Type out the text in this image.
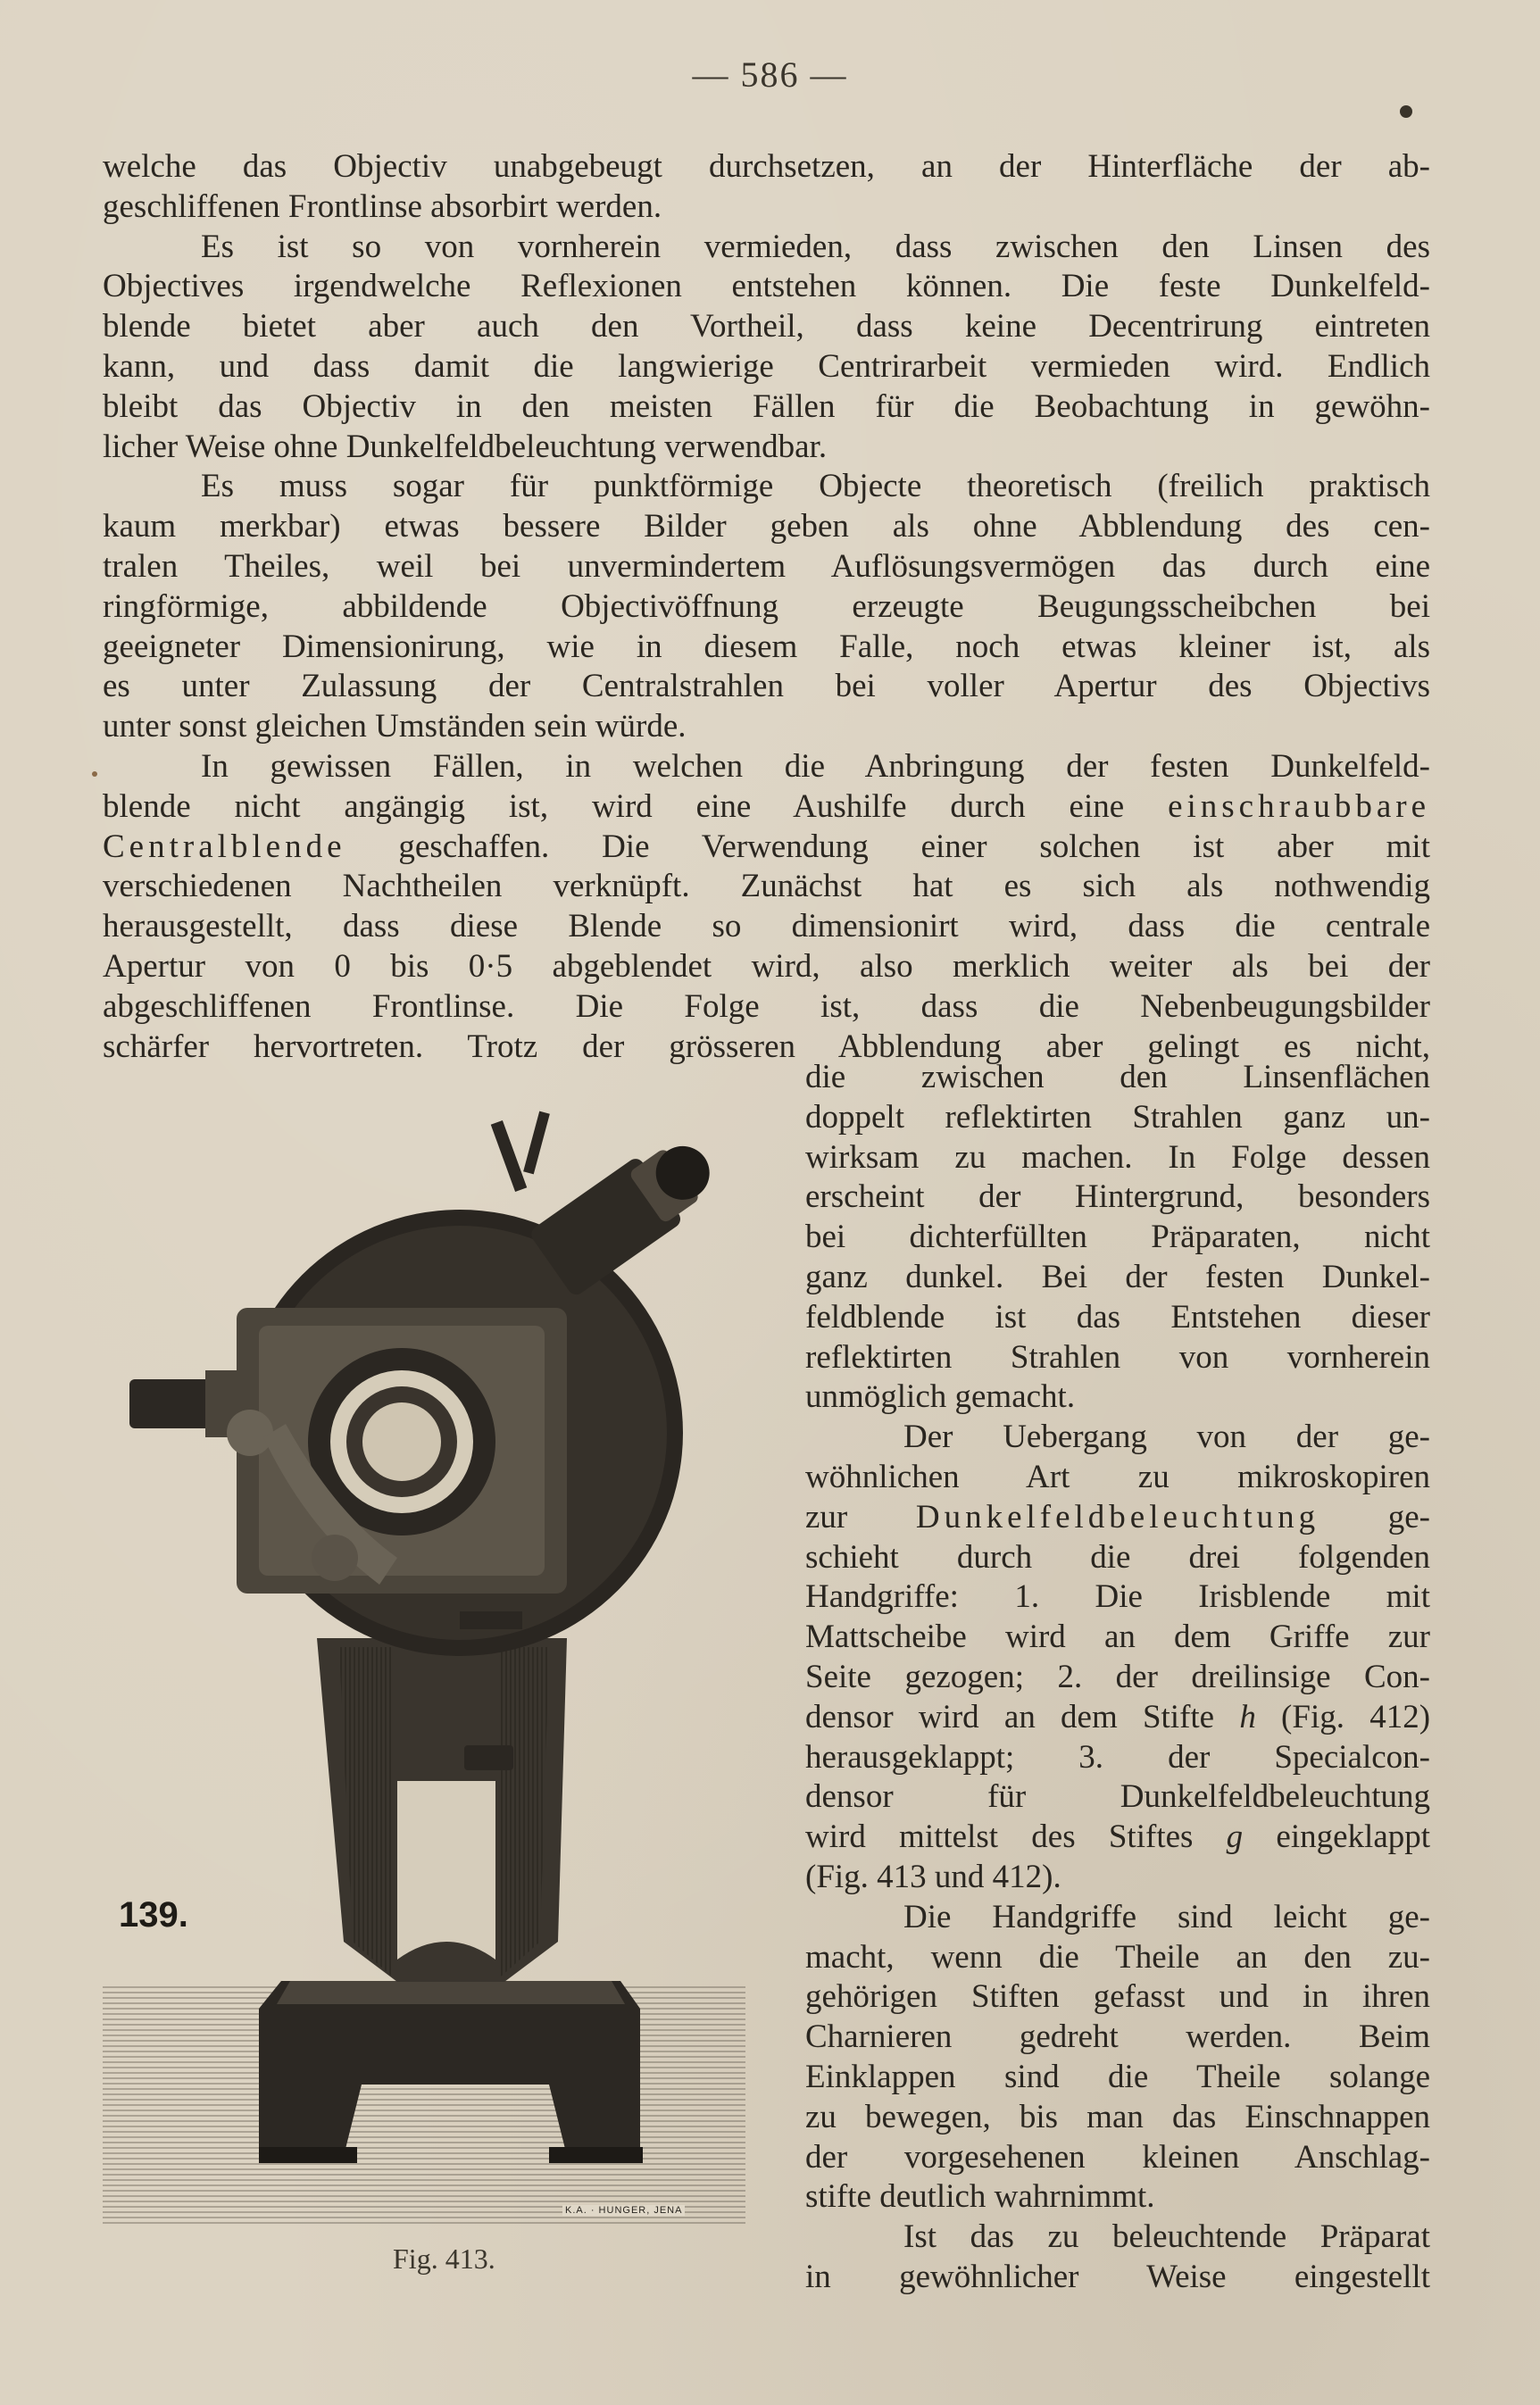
— 586 —
welche das Objectiv unabgebeugt durchsetzen, an der Hinterfläche der ab-
geschliffenen Frontlinse absorbirt werden.
Es ist so von vornherein vermieden, dass zwischen den Linsen des
Objectives irgendwelche Reflexionen entstehen können. Die feste Dunkelfeld-
blende bietet aber auch den Vortheil, dass keine Decentrirung eintreten
kann, und dass damit die langwierige Centrirarbeit vermieden wird. Endlich
bleibt das Objectiv in den meisten Fällen für die Beobachtung in gewöhn-
licher Weise ohne Dunkelfeldbeleuchtung verwendbar.
Es muss sogar für punktförmige Objecte theoretisch (freilich praktisch
kaum merkbar) etwas bessere Bilder geben als ohne Abblendung des cen-
tralen Theiles, weil bei unvermindertem Auflösungsvermögen das durch eine
ringförmige, abbildende Objectivöffnung erzeugte Beugungsscheibchen bei
geeigneter Dimensionirung, wie in diesem Falle, noch etwas kleiner ist, als
es unter Zulassung der Centralstrahlen bei voller Apertur des Objectivs
unter sonst gleichen Umständen sein würde.
In gewissen Fällen, in welchen die Anbringung der festen Dunkelfeld-
blende nicht angängig ist, wird eine Aushilfe durch eine einschraubbare
Centralblende geschaffen. Die Verwendung einer solchen ist aber mit
verschiedenen Nachtheilen verknüpft. Zunächst hat es sich als nothwendig
herausgestellt, dass diese Blende so dimensionirt wird, dass die centrale
Apertur von 0 bis 0·5 abgeblendet wird, also merklich weiter als bei der
abgeschliffenen Frontlinse. Die Folge ist, dass die Nebenbeugungsbilder
schärfer hervortreten. Trotz der grösseren Abblendung aber gelingt es nicht,
die zwischen den Linsenflächen
doppelt reflektirten Strahlen ganz un-
wirksam zu machen. In Folge dessen
erscheint der Hintergrund, besonders
bei dichterfüllten Präparaten, nicht
ganz dunkel. Bei der festen Dunkel-
feldblende ist das Entstehen dieser
reflektirten Strahlen von vornherein
unmöglich gemacht.
Der Uebergang von der ge-
wöhnlichen Art zu mikroskopiren
zur Dunkelfeldbeleuchtung ge-
schieht durch die drei folgenden
Handgriffe: 1. Die Irisblende mit
Mattscheibe wird an dem Griffe zur
Seite gezogen; 2. der dreilinsige Con-
densor wird an dem Stifte h (Fig. 412)
herausgeklappt; 3. der Specialcon-
densor für Dunkelfeldbeleuchtung
wird mittelst des Stiftes g eingeklappt
(Fig. 413 und 412).
Die Handgriffe sind leicht ge-
macht, wenn die Theile an den zu-
gehörigen Stiften gefasst und in ihren
Charnieren gedreht werden. Beim
Einklappen sind die Theile solange
zu bewegen, bis man das Einschnappen
der vorgesehenen kleinen Anschlag-
stifte deutlich wahrnimmt.
Ist das zu beleuchtende Präparat
in gewöhnlicher Weise eingestellt
139.
K.A. · HUNGER, JENA
Fig. 413.
